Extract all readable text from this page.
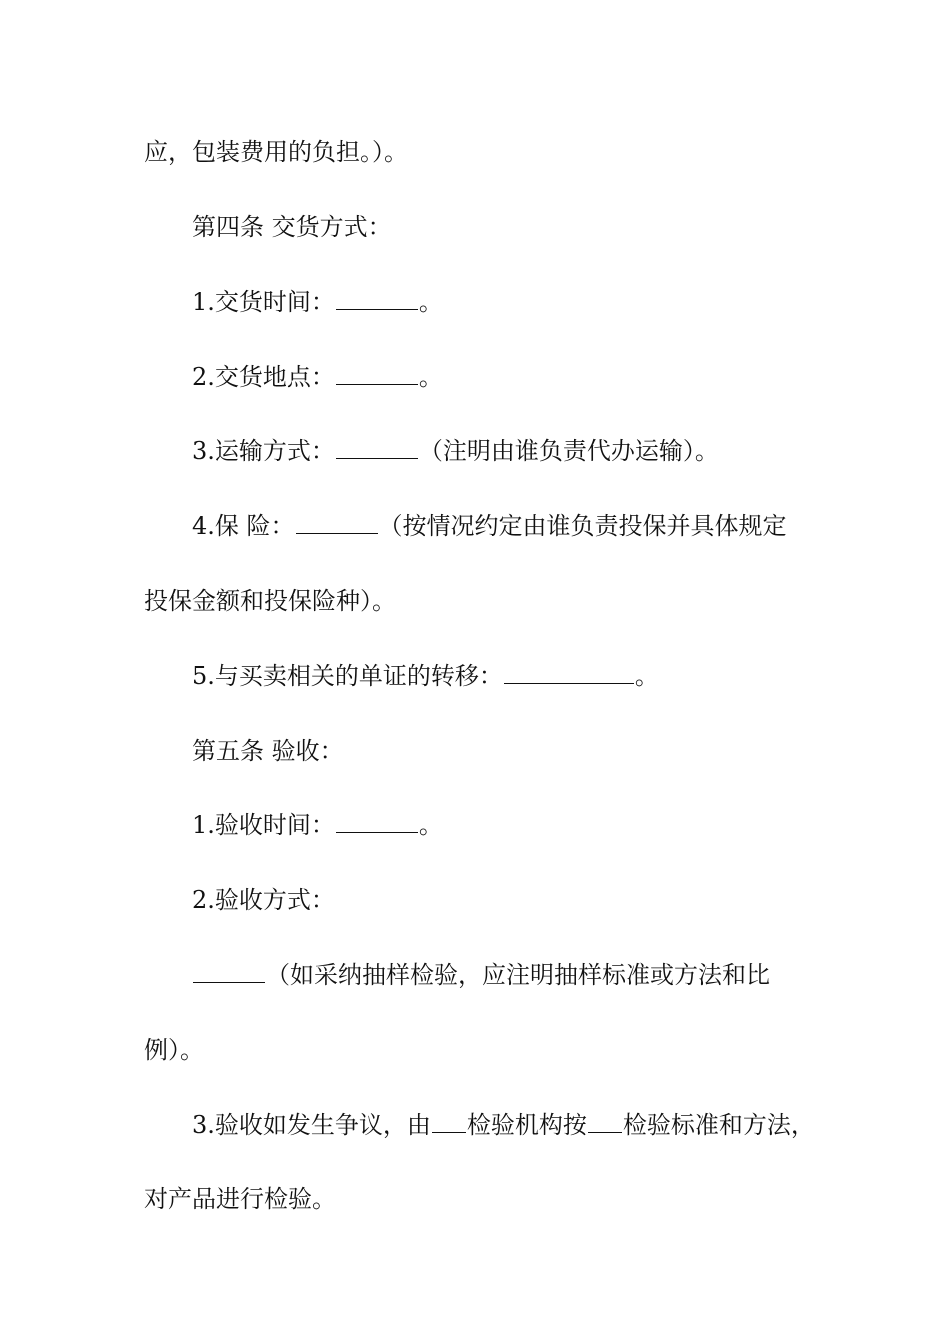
应，包装费用的负担。）。
第四条 交货方式：
1.交货时间：	。
2.交货地点：	。
3.运输方式：	（注明由谁负责代办运输）。
4.保 险：	（按情况约定由谁负责投保并具体规定
投保金额和投保险种）。
5.与买卖相关的单证的转移：	。
第五条 验收：
1.验收时间：	。
2.验收方式：
（如采纳抽样检验，应注明抽样标准或方法和比
例）。
3.验收如发生争议，由 检验机构按 检验标准和方法，
对产品进行检验。
